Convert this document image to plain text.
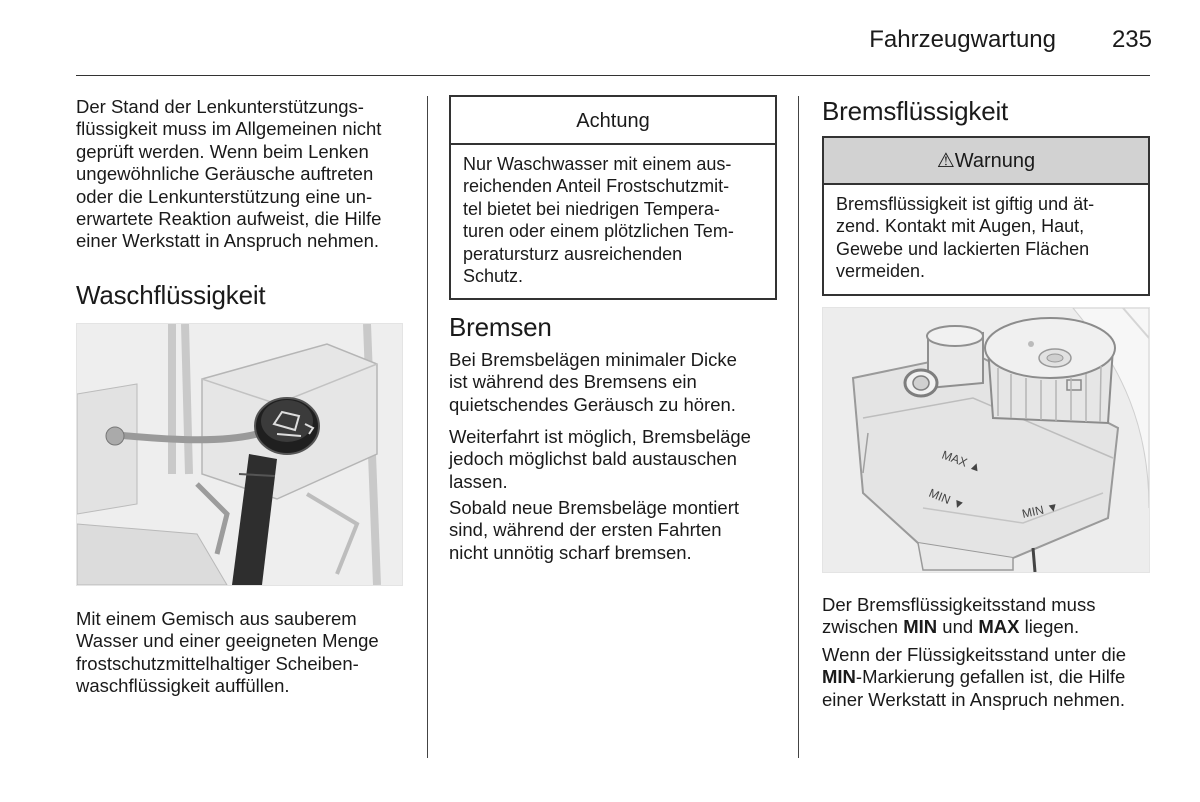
Fahrzeugwartung	235
Der Stand der Lenkunterstützungs-
flüssigkeit muss im Allgemeinen nicht
geprüft werden. Wenn beim Lenken
ungewöhnliche Geräusche auftreten
oder die Lenkunterstützung eine un-
erwartete Reaktion aufweist, die Hilfe
einer Werkstatt in Anspruch nehmen.
Waschflüssigkeit
Mit einem Gemisch aus sauberem
Wasser und einer geeigneten Menge
frostschutzmittelhaltiger Scheiben-
waschflüssigkeit auffüllen.
Achtung
Nur Waschwasser mit einem aus-
reichenden Anteil Frostschutzmit-
tel bietet bei niedrigen Tempera-
turen oder einem plötzlichen Tem-
peratursturz ausreichenden
Schutz.
Bremsen
Bei Bremsbelägen minimaler Dicke
ist während des Bremsens ein
quietschendes Geräusch zu hören.
Weiterfahrt ist möglich, Bremsbeläge
jedoch möglichst bald austauschen
lassen.
Sobald neue Bremsbeläge montiert
sind, während der ersten Fahrten
nicht unnötig scharf bremsen.
Bremsflüssigkeit
⚠Warnung
Bremsflüssigkeit ist giftig und ät-
zend. Kontakt mit Augen, Haut,
Gewebe und lackierten Flächen
vermeiden.
MAX ▲
MIN ▼	MIN ▼
Der Bremsflüssigkeitsstand muss
zwischen MIN und MAX liegen.
Wenn der Flüssigkeitsstand unter die
MIN-Markierung gefallen ist, die Hilfe
einer Werkstatt in Anspruch nehmen.
